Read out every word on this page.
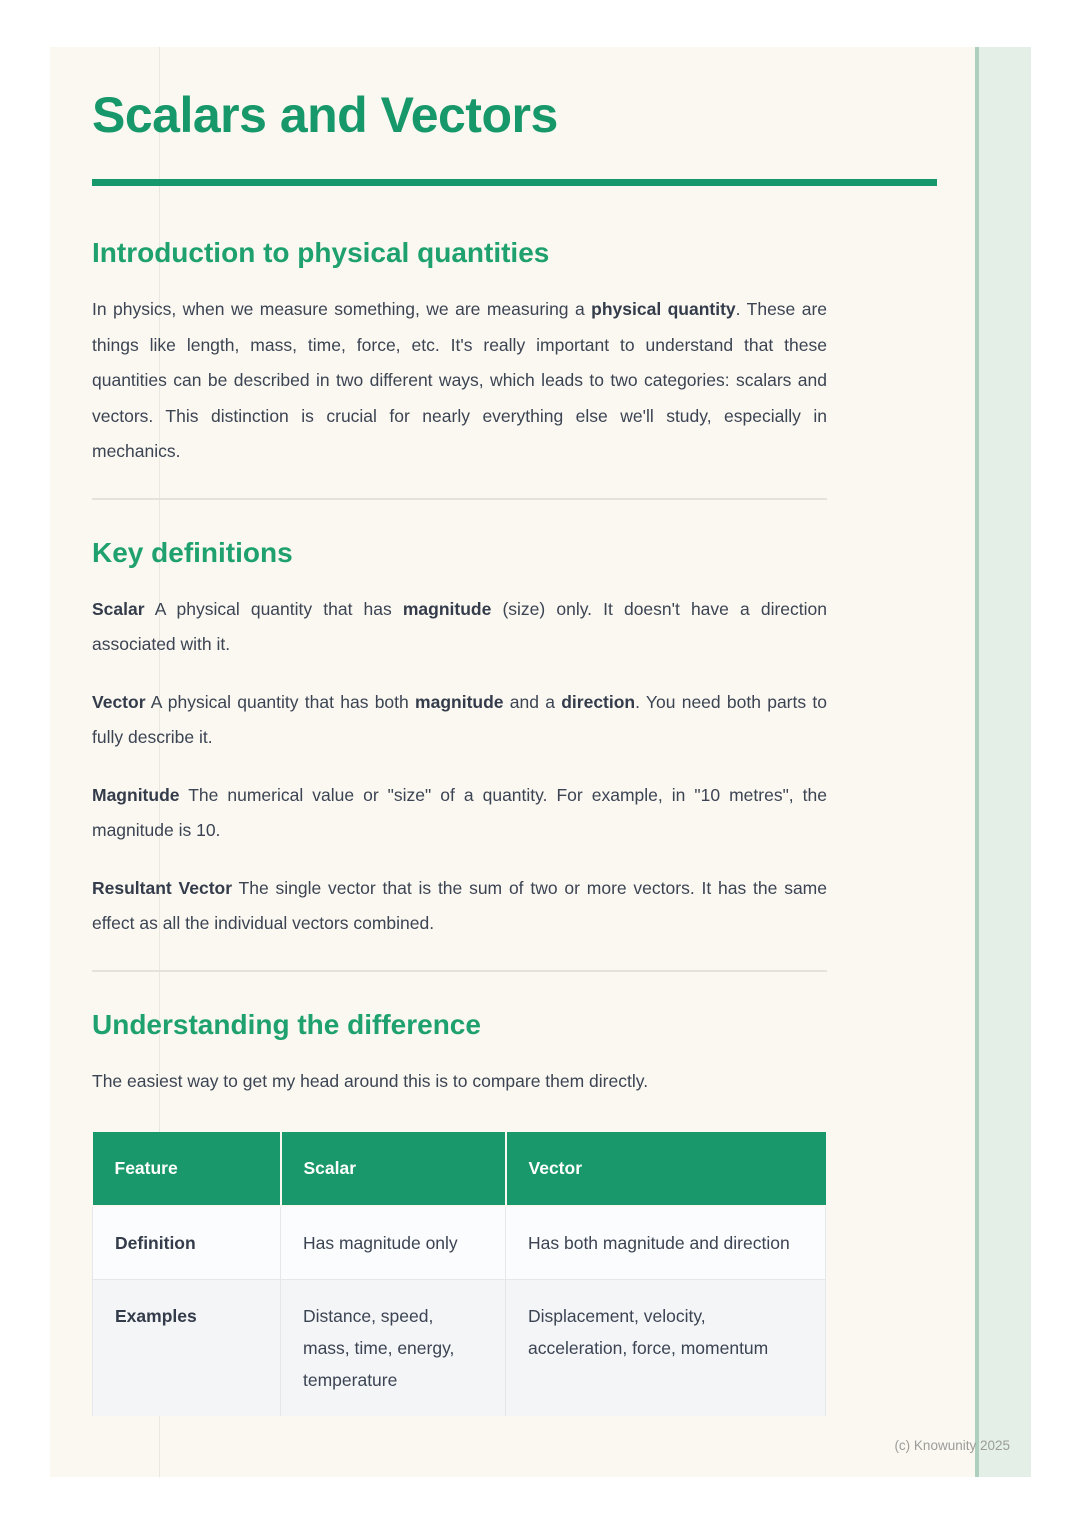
Scalars and Vectors
Introduction to physical quantities

In physics, when we measure something, we are measuring a physical quantity. These are things like length, mass, time, force, etc. It's really important to understand that these quantities can be described in two different ways, which leads to two categories: scalars and vectors. This distinction is crucial for nearly everything else we'll study, especially in mechanics.

Key definitions

Scalar A physical quantity that has magnitude (size) only. It doesn't have a direction associated with it.

Vector A physical quantity that has both magnitude and a direction. You need both parts to fully describe it.

Magnitude The numerical value or "size" of a quantity. For example, in "10 metres", the magnitude is 10.

Resultant Vector The single vector that is the sum of two or more vectors. It has the same effect as all the individual vectors combined.

Understanding the difference

The easiest way to get my head around this is to compare them directly.

Feature	Scalar	Vector
Definition	Has magnitude only	Has both magnitude and direction
Examples	Distance, speed, mass, time, energy, temperature	Displacement, velocity, acceleration, force, momentum
(c) Knowunity 2025
